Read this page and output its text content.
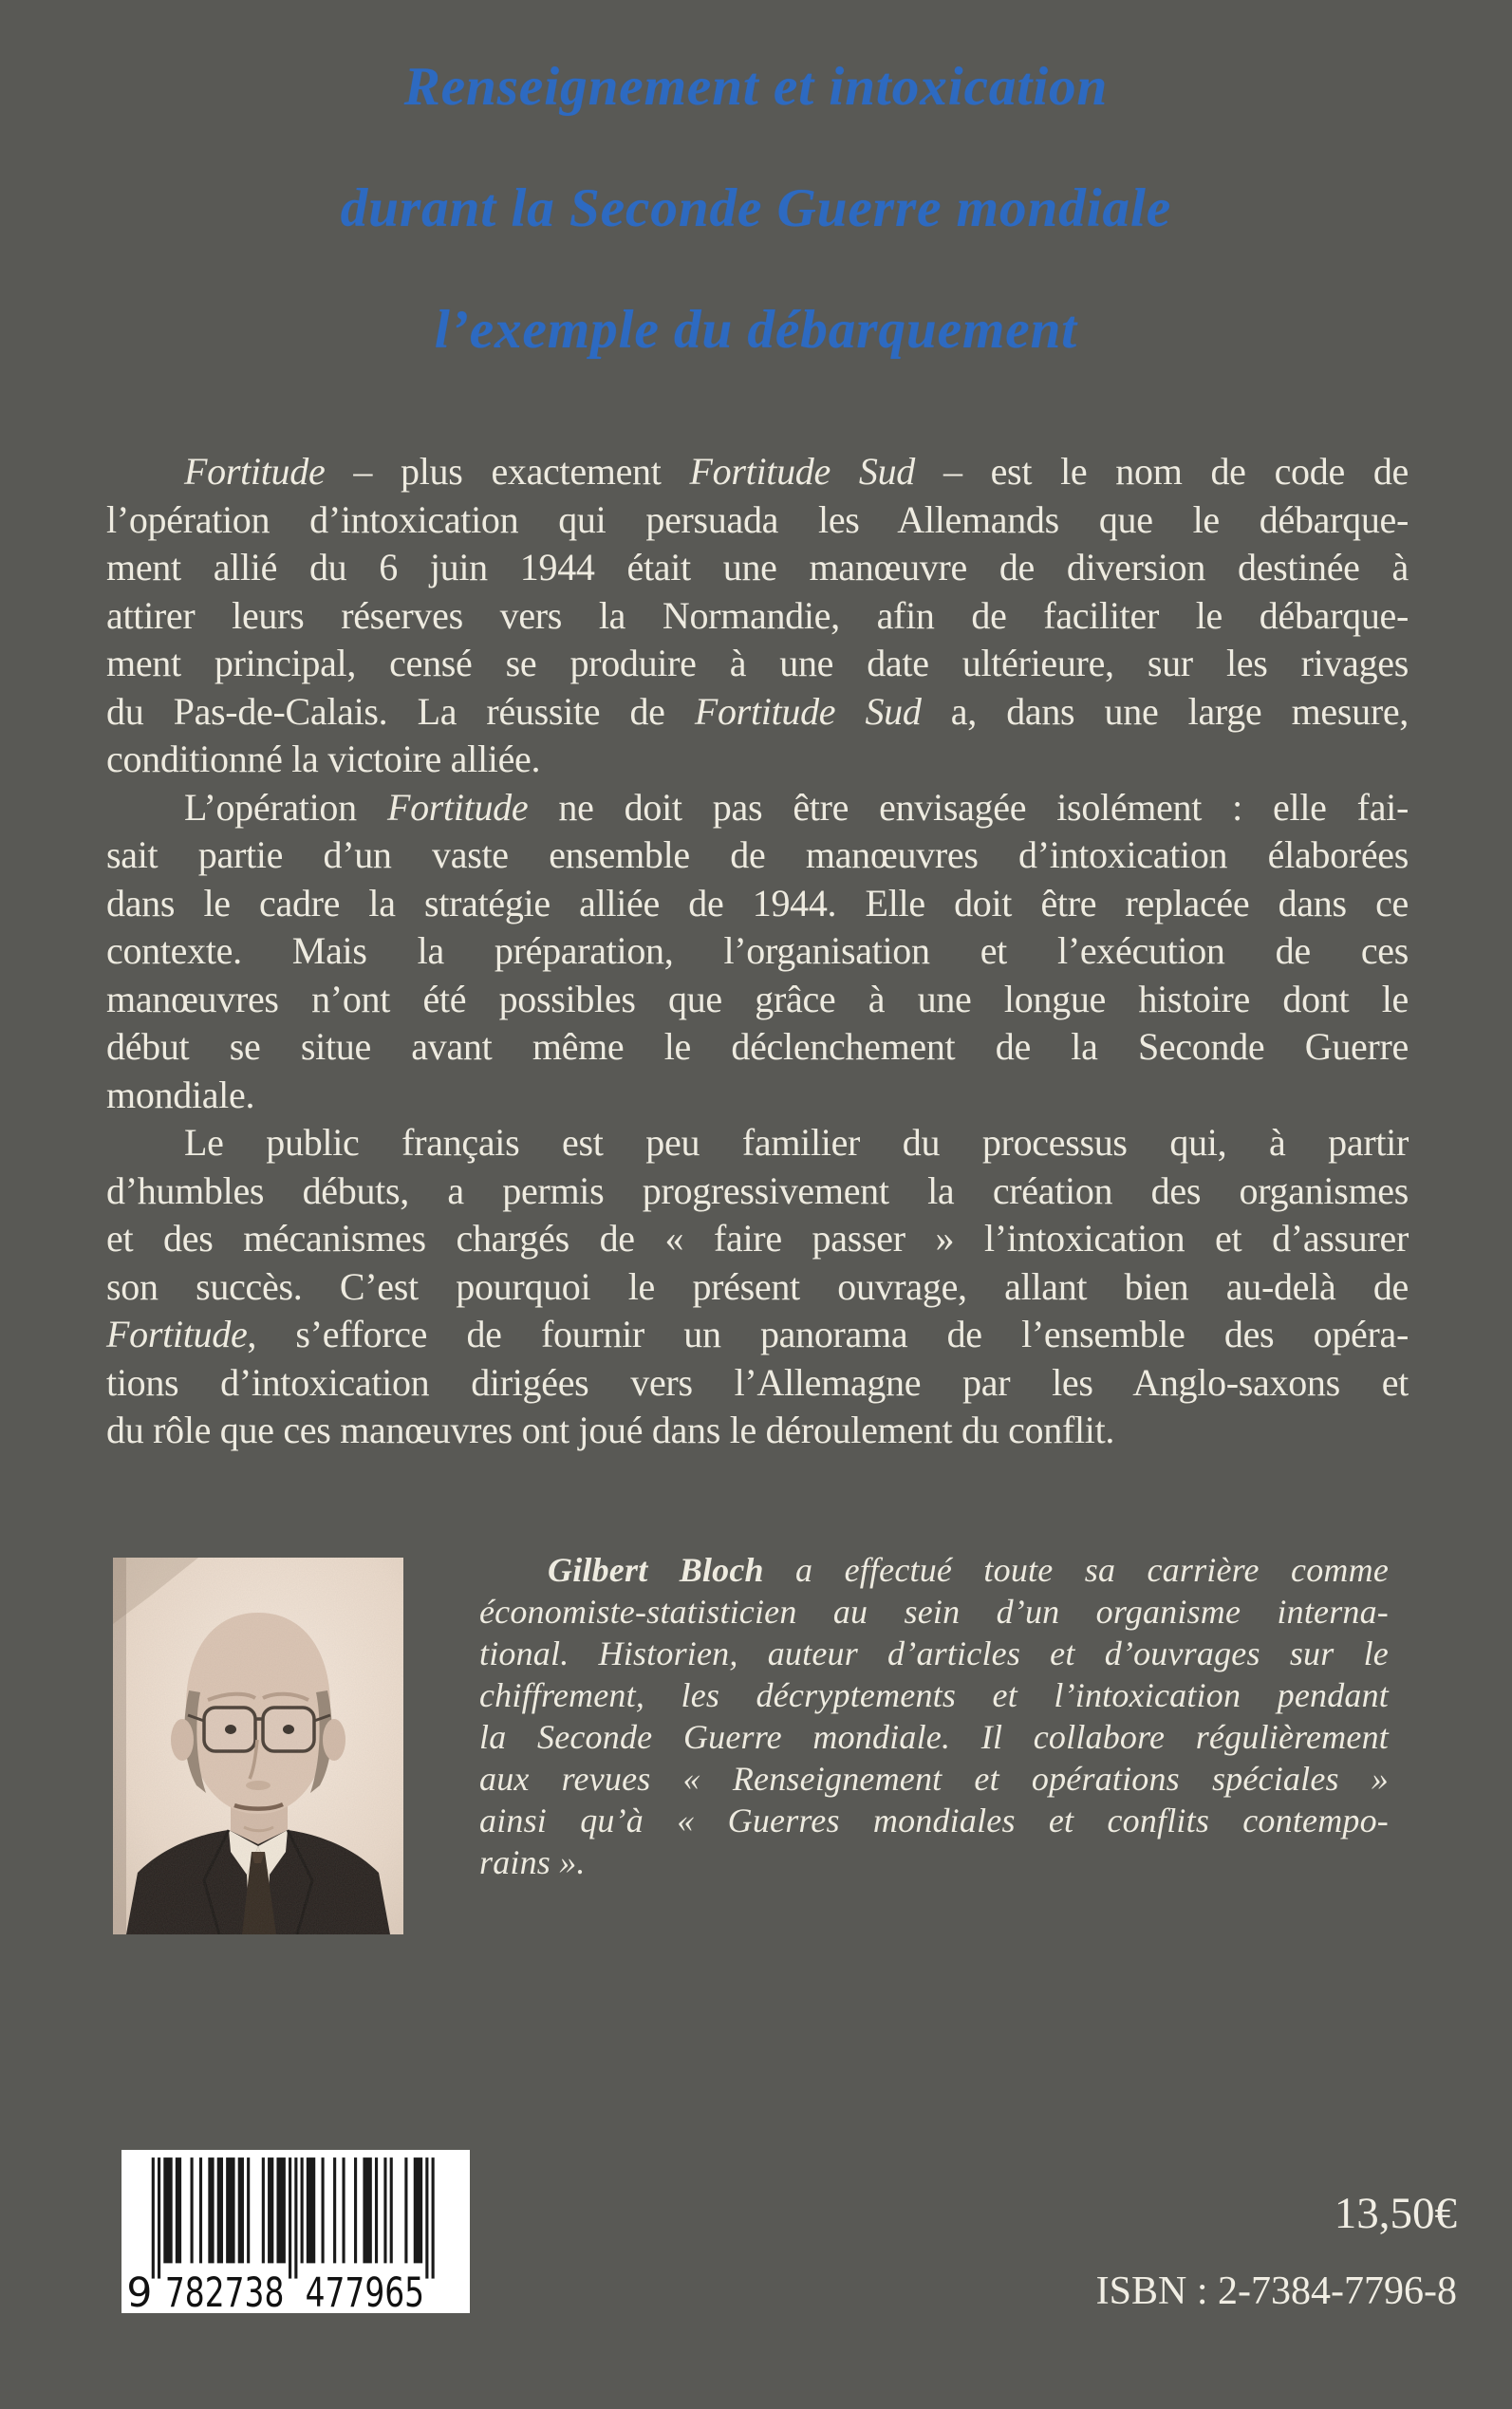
Renseignement et intoxication
durant la Seconde Guerre mondiale
l’exemple du débarquement
Fortitude – plus exactement Fortitude Sud – est le nom de code de
l’opération d’intoxication qui persuada les Allemands que le débarque-
ment allié du 6 juin 1944 était une manœuvre de diversion destinée à
attirer leurs réserves vers la Normandie, afin de faciliter le débarque-
ment principal, censé se produire à une date ultérieure, sur les rivages
du Pas-de-Calais. La réussite de Fortitude Sud a, dans une large mesure,
conditionné la victoire alliée.
L’opération Fortitude ne doit pas être envisagée isolément : elle fai-
sait partie d’un vaste ensemble de manœuvres d’intoxication élaborées
dans le cadre la stratégie alliée de 1944. Elle doit être replacée dans ce
contexte. Mais la préparation, l’organisation et l’exécution de ces
manœuvres n’ont été possibles que grâce à une longue histoire dont le
début se situe avant même le déclenchement de la Seconde Guerre
mondiale.
Le public français est peu familier du processus qui, à partir
d’humbles débuts, a permis progressivement la création des organismes
et des mécanismes chargés de « faire passer » l’intoxication et d’assurer
son succès. C’est pourquoi le présent ouvrage, allant bien au-delà de
Fortitude, s’efforce de fournir un panorama de l’ensemble des opéra-
tions d’intoxication dirigées vers l’Allemagne par les Anglo-saxons et
du rôle que ces manœuvres ont joué dans le déroulement du conflit.
Gilbert Bloch a effectué toute sa carrière comme
économiste-statisticien au sein d’un organisme interna-
tional. Historien, auteur d’articles et d’ouvrages sur le
chiffrement, les décryptements et l’intoxication pendant
la Seconde Guerre mondiale. Il collabore régulièrement
aux revues « Renseignement et opérations spéciales »
ainsi qu’à « Guerres mondiales et conflits contempo-
rains ».
9 782738 477965
13,50€
ISBN : 2-7384-7796-8
